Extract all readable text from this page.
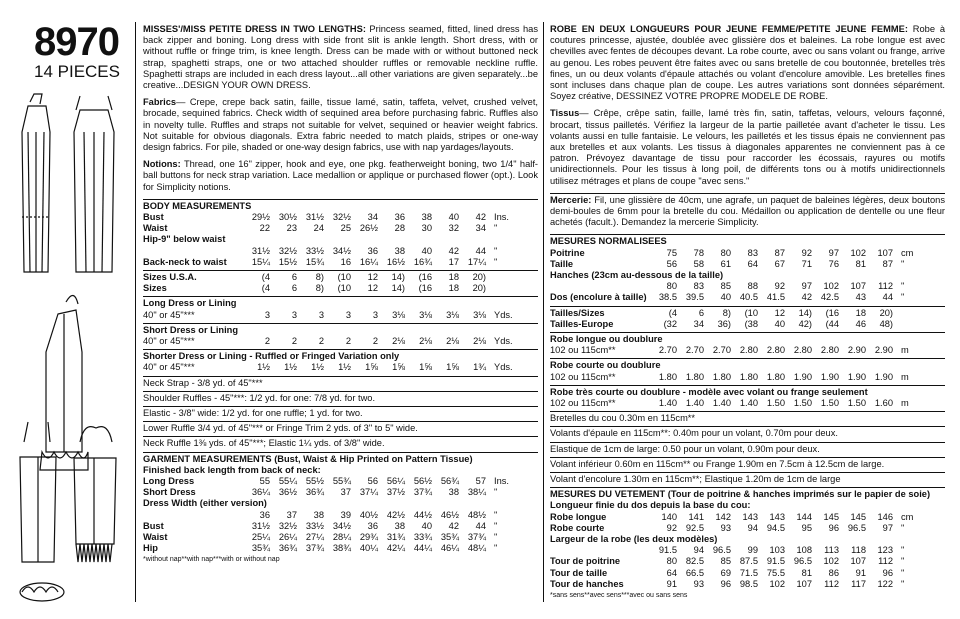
8970
14 PIECES

MISSES'/MISS PETITE DRESS IN TWO LENGTHS: Princess seamed, fitted, lined dress has back zipper and boning. Long dress with side front slit is ankle length. Short dress, with or without ruffle or fringe trim, is knee length. Dress can be made with or without buttoned neck strap, spaghetti straps, one or two attached shoulder ruffles or removable neckline ruffle. Spaghetti straps are included in each dress layout...all other variations are given separately...be creative...DESIGN YOUR OWN DRESS.

Fabrics— Crepe, crepe back satin, faille, tissue lamé, satin, taffeta, velvet, crushed velvet, brocade, sequined fabrics. Check width of sequined area before purchasing fabric. Ruffles also in novelty tulle. Ruffles and straps not suitable for velvet, sequined or heavier weight fabrics. Not suitable for obvious diagonals. Extra fabric needed to match plaids, stripes or one-way design fabrics. For pile, shaded or one-way design fabrics, use with nap yardages/layouts.

Notions: Thread, one 16" zipper, hook and eye, one pkg. featherweight boning, two 1/4" half-ball buttons for neck strap variation. Lace medallion or applique or purchased flower (opt.). Look for Simplicity notions.

BODY MEASUREMENTS
Bust	29½ 30½ 31½ 32½	34	36	38	40	42 Ins.
Waist	22	23	24	25 26½	28	30	32	34 "
Hip-9" below waist
31½ 32½ 33½ 34½	36	38	40	42	44 "
Back-neck to waist	15¼ 15½ 15¾	16 16¼ 16½ 16¾	17 17¼ "
Sizes U.S.A.	(4	6	8)	(10	12	14)	(16	18	20)
Sizes	(4	6	8)	(10	12	14)	(16	18	20)
Long Dress or Lining
40" or 45"***	3	3	3	3	3	3⅛	3⅛	3⅛	3⅛ Yds.
Short Dress or Lining
40" or 45"***	2	2	2	2	2	2⅛	2⅛	2⅛	2⅛ Yds.
Shorter Dress or Lining - Ruffled or Fringed Variation only
40" or 45"***	1½	1½	1½	1½	1⅝	1⅝	1⅝	1⅝	1¾ Yds.
Neck Strap - 3/8 yd. of 45"***
Shoulder Ruffles - 45"***: 1/2 yd. for one: 7/8 yd. for two.
Elastic - 3/8" wide: 1/2 yd. for one ruffle; 1 yd. for two.
Lower Ruffle 3/4 yd. of 45"*** or Fringe Trim 2 yds. of 3" to 5" wide.
Neck Ruffle 1⅜ yds. of 45"***; Elastic 1¼ yds. of 3/8" wide.
GARMENT MEASUREMENTS (Bust, Waist & Hip Printed on Pattern Tissue)
Finished back length from back of neck:
Long Dress	55 55¼ 55½ 55¾	56 56¼ 56½ 56¾	57 Ins.
Short Dress	36¼ 36½ 36¾	37 37¼ 37½ 37¾	38 38¼ "
Dress Width (either version)
36	37	38	39 40½ 42½ 44½ 46½ 48½ "
Bust	31½ 32½ 33½ 34½	36	38	40	42	44 "
Waist	25¼ 26¼ 27¼ 28¼ 29¾ 31¾ 33¾ 35¾ 37¾ "
Hip	35¾ 36¾ 37¾ 38¾ 40¼ 42¼ 44¼ 46¼ 48¼ "
*without nap**with nap***with or without nap

ROBE EN DEUX LONGUEURS POUR JEUNE FEMME/PETITE JEUNE FEMME: Robe à coutures princesse, ajustée, doublée avec glissière dos et baleines. La robe longue est avec chevilles avec fentes de découpes devant. La robe courte, avec ou sans volant ou frange, arrive au genou. Les robes peuvent être faites avec ou sans bretelle de cou boutonnée, bretelles très fines, un ou deux volants d'épaule attachés ou volant d'encolure amovible. Les bretelles fines sont incluses dans chaque plan de coupe. Les autres variations sont données séparément. Soyez créative, DESSINEZ VOTRE PROPRE MODELE DE ROBE.

Tissus— Crêpe, crêpe satin, faille, lamé très fin, satin, taffetas, velours, velours façonné, brocart, tissus pailletés. Vérifiez la largeur de la partie pailletée avant d'acheter le tissu. Les volants aussi en tulle fantaisie. Le velours, les pailletés et les tissus épais ne conviennent pas aux bretelles et aux volants. Les tissus à diagonales apparentes ne conviennent pas à ce patron. Prévoyez davantage de tissu pour raccorder les écossais, rayures ou motifs unidirectionnels. Pour les tissus à long poil, de différents tons ou à motifs unidirectionnels utilisez métrages et plans de coupe "avec sens."

Mercerie: Fil, une glissière de 40cm, une agrafe, un paquet de baleines légères, deux boutons demi-boules de 6mm pour la bretelle du cou. Médaillon ou application de dentelle ou une fleur achetés (facult.). Demandez la mercerie Simplicity.

MESURES NORMALISEES
Poitrine	75	78	80	83	87	92	97	102	107 cm
Taille	56	58	61	64	67	71	76	81	87 "
Hanches (23cm au-dessous de la taille)
80	83	85	88	92	97	102	107	112 "
Dos (encolure à taille)	38.5 39.5	40 40.5 41.5	42 42.5	43	44 "
Tailles/Sizes	(4	6	8)	(10	12	14)	(16	18	20)
Tailles-Europe	(32	34	36)	(38	40	42)	(44	46	48)
Robe longue ou doublure
102 ou 115cm**	2.70 2.70 2.70 2.80 2.80 2.80 2.80 2.90 2.90 m
Robe courte ou doublure
102 ou 115cm**	1.80 1.80 1.80 1.80 1.80 1.90 1.90 1.90 1.90 m
Robe très courte ou doublure - modèle avec volant ou frange seulement
102 ou 115cm**	1.40 1.40 1.40 1.40 1.50 1.50 1.50 1.50 1.60 m
Bretelles du cou 0.30m en 115cm**
Volants d'épaule en 115cm**: 0.40m pour un volant, 0.70m pour deux.
Elastique de 1cm de large: 0.50 pour un volant, 0.90m pour deux.
Volant inférieur 0.60m en 115cm** ou Frange 1.90m en 7.5cm à 12.5cm de large.
Volant d'encolure 1.30m en 115cm**; Elastique 1.20m de 1cm de large
MESURES DU VETEMENT (Tour de poitrine & hanches imprimés sur le papier de soie)
Longueur finie du dos depuis la base du cou:
Robe longue	140	141	142	143	143	144	145	145	146 cm
Robe courte	92 92.5	93	94 94.5	95	96 96.5	97 "
Largeur de la robe (les deux modèles)
91.5	94 96.5	99	103	108	113	118	123 "
Tour de poitrine	80 82.5	85 87.5 91.5 96.5	102	107	112 "
Tour de taille	64 66.5	69 71.5 75.5	81	86	91	96 "
Tour de hanches	91	93	96 98.5	102	107	112	117	122 "
*sans sens**avec sens***avec ou sans sens
